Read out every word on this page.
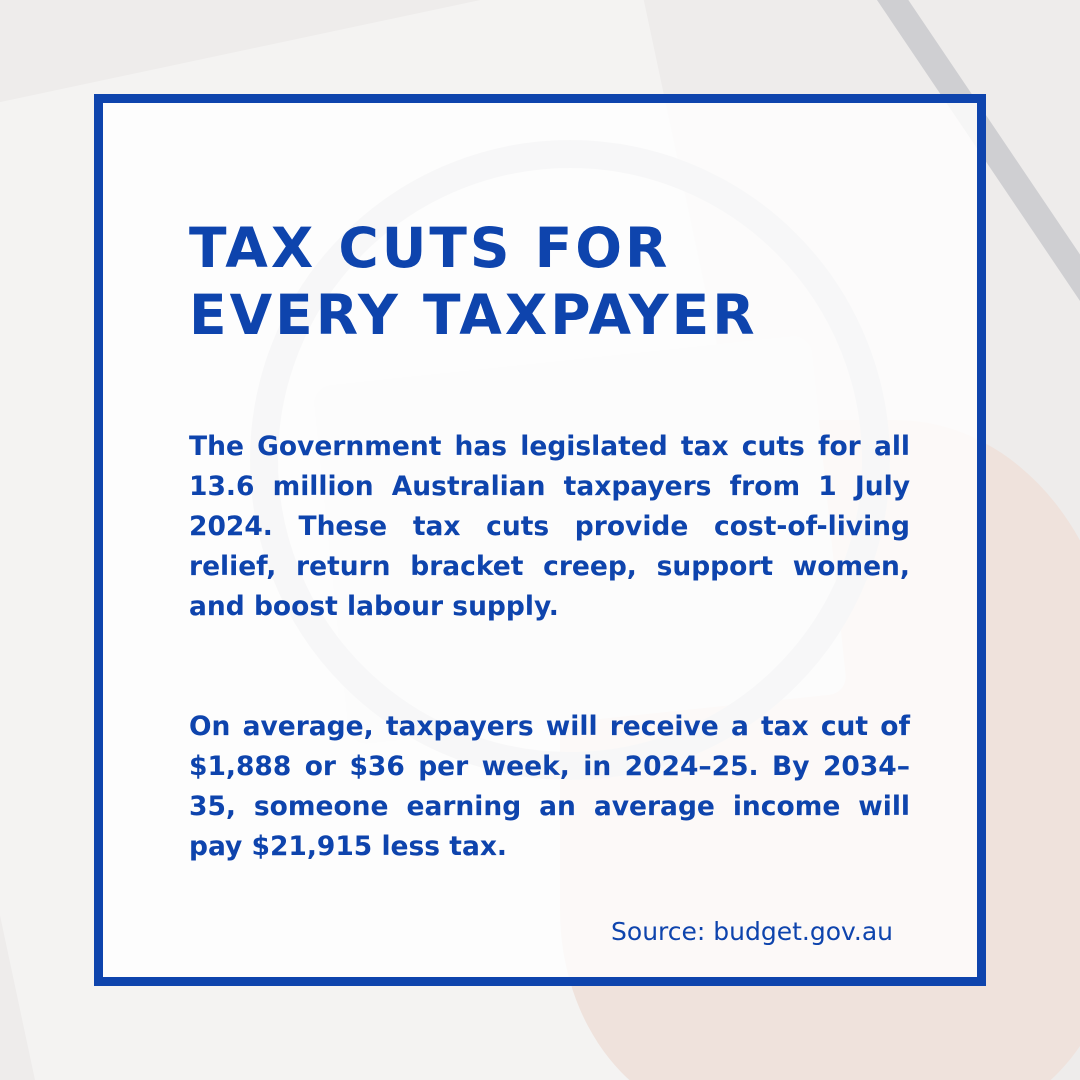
TAX CUTS FOR
EVERY TAXPAYER

The Government has legislated tax cuts for all 13.6 million Australian taxpayers from 1 July 2024. These tax cuts provide cost-of-living relief, return bracket creep, support women, and boost labour supply.

On average, taxpayers will receive a tax cut of $1,888 or $36 per week, in 2024–25. By 2034–35, someone earning an average income will pay $21,915 less tax.

Source: budget.gov.au
